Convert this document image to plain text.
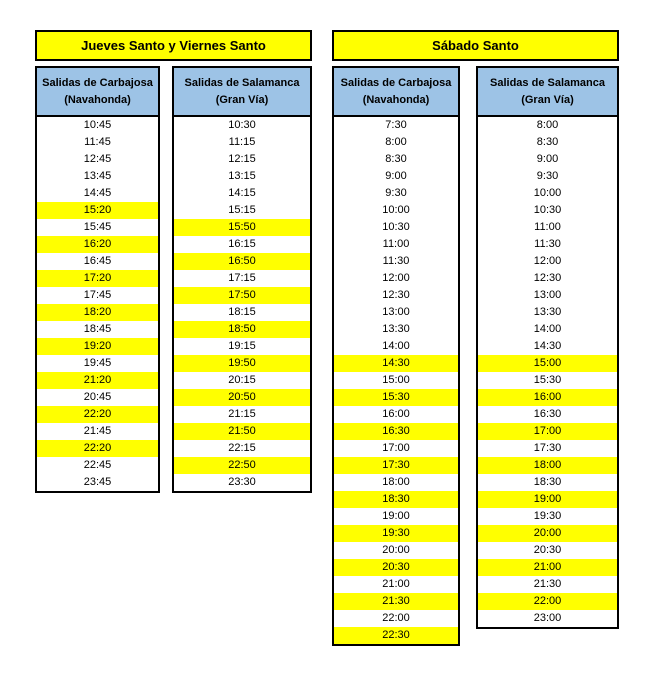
Jueves Santo y Viernes Santo
Salidas de Carbajosa
(Navahonda)
10:45
11:45
12:45
13:45
14:45
15:20
15:45
16:20
16:45
17:20
17:45
18:20
18:45
19:20
19:45
21:20
20:45
22:20
21:45
22:20
22:45
23:45
Salidas de Salamanca
(Gran Vía)
10:30
11:15
12:15
13:15
14:15
15:15
15:50
16:15
16:50
17:15
17:50
18:15
18:50
19:15
19:50
20:15
20:50
21:15
21:50
22:15
22:50
23:30
Sábado Santo
Salidas de Carbajosa
(Navahonda)
7:30
8:00
8:30
9:00
9:30
10:00
10:30
11:00
11:30
12:00
12:30
13:00
13:30
14:00
14:30
15:00
15:30
16:00
16:30
17:00
17:30
18:00
18:30
19:00
19:30
20:00
20:30
21:00
21:30
22:00
22:30
Salidas de Salamanca
(Gran Vía)
8:00
8:30
9:00
9:30
10:00
10:30
11:00
11:30
12:00
12:30
13:00
13:30
14:00
14:30
15:00
15:30
16:00
16:30
17:00
17:30
18:00
18:30
19:00
19:30
20:00
20:30
21:00
21:30
22:00
23:00
